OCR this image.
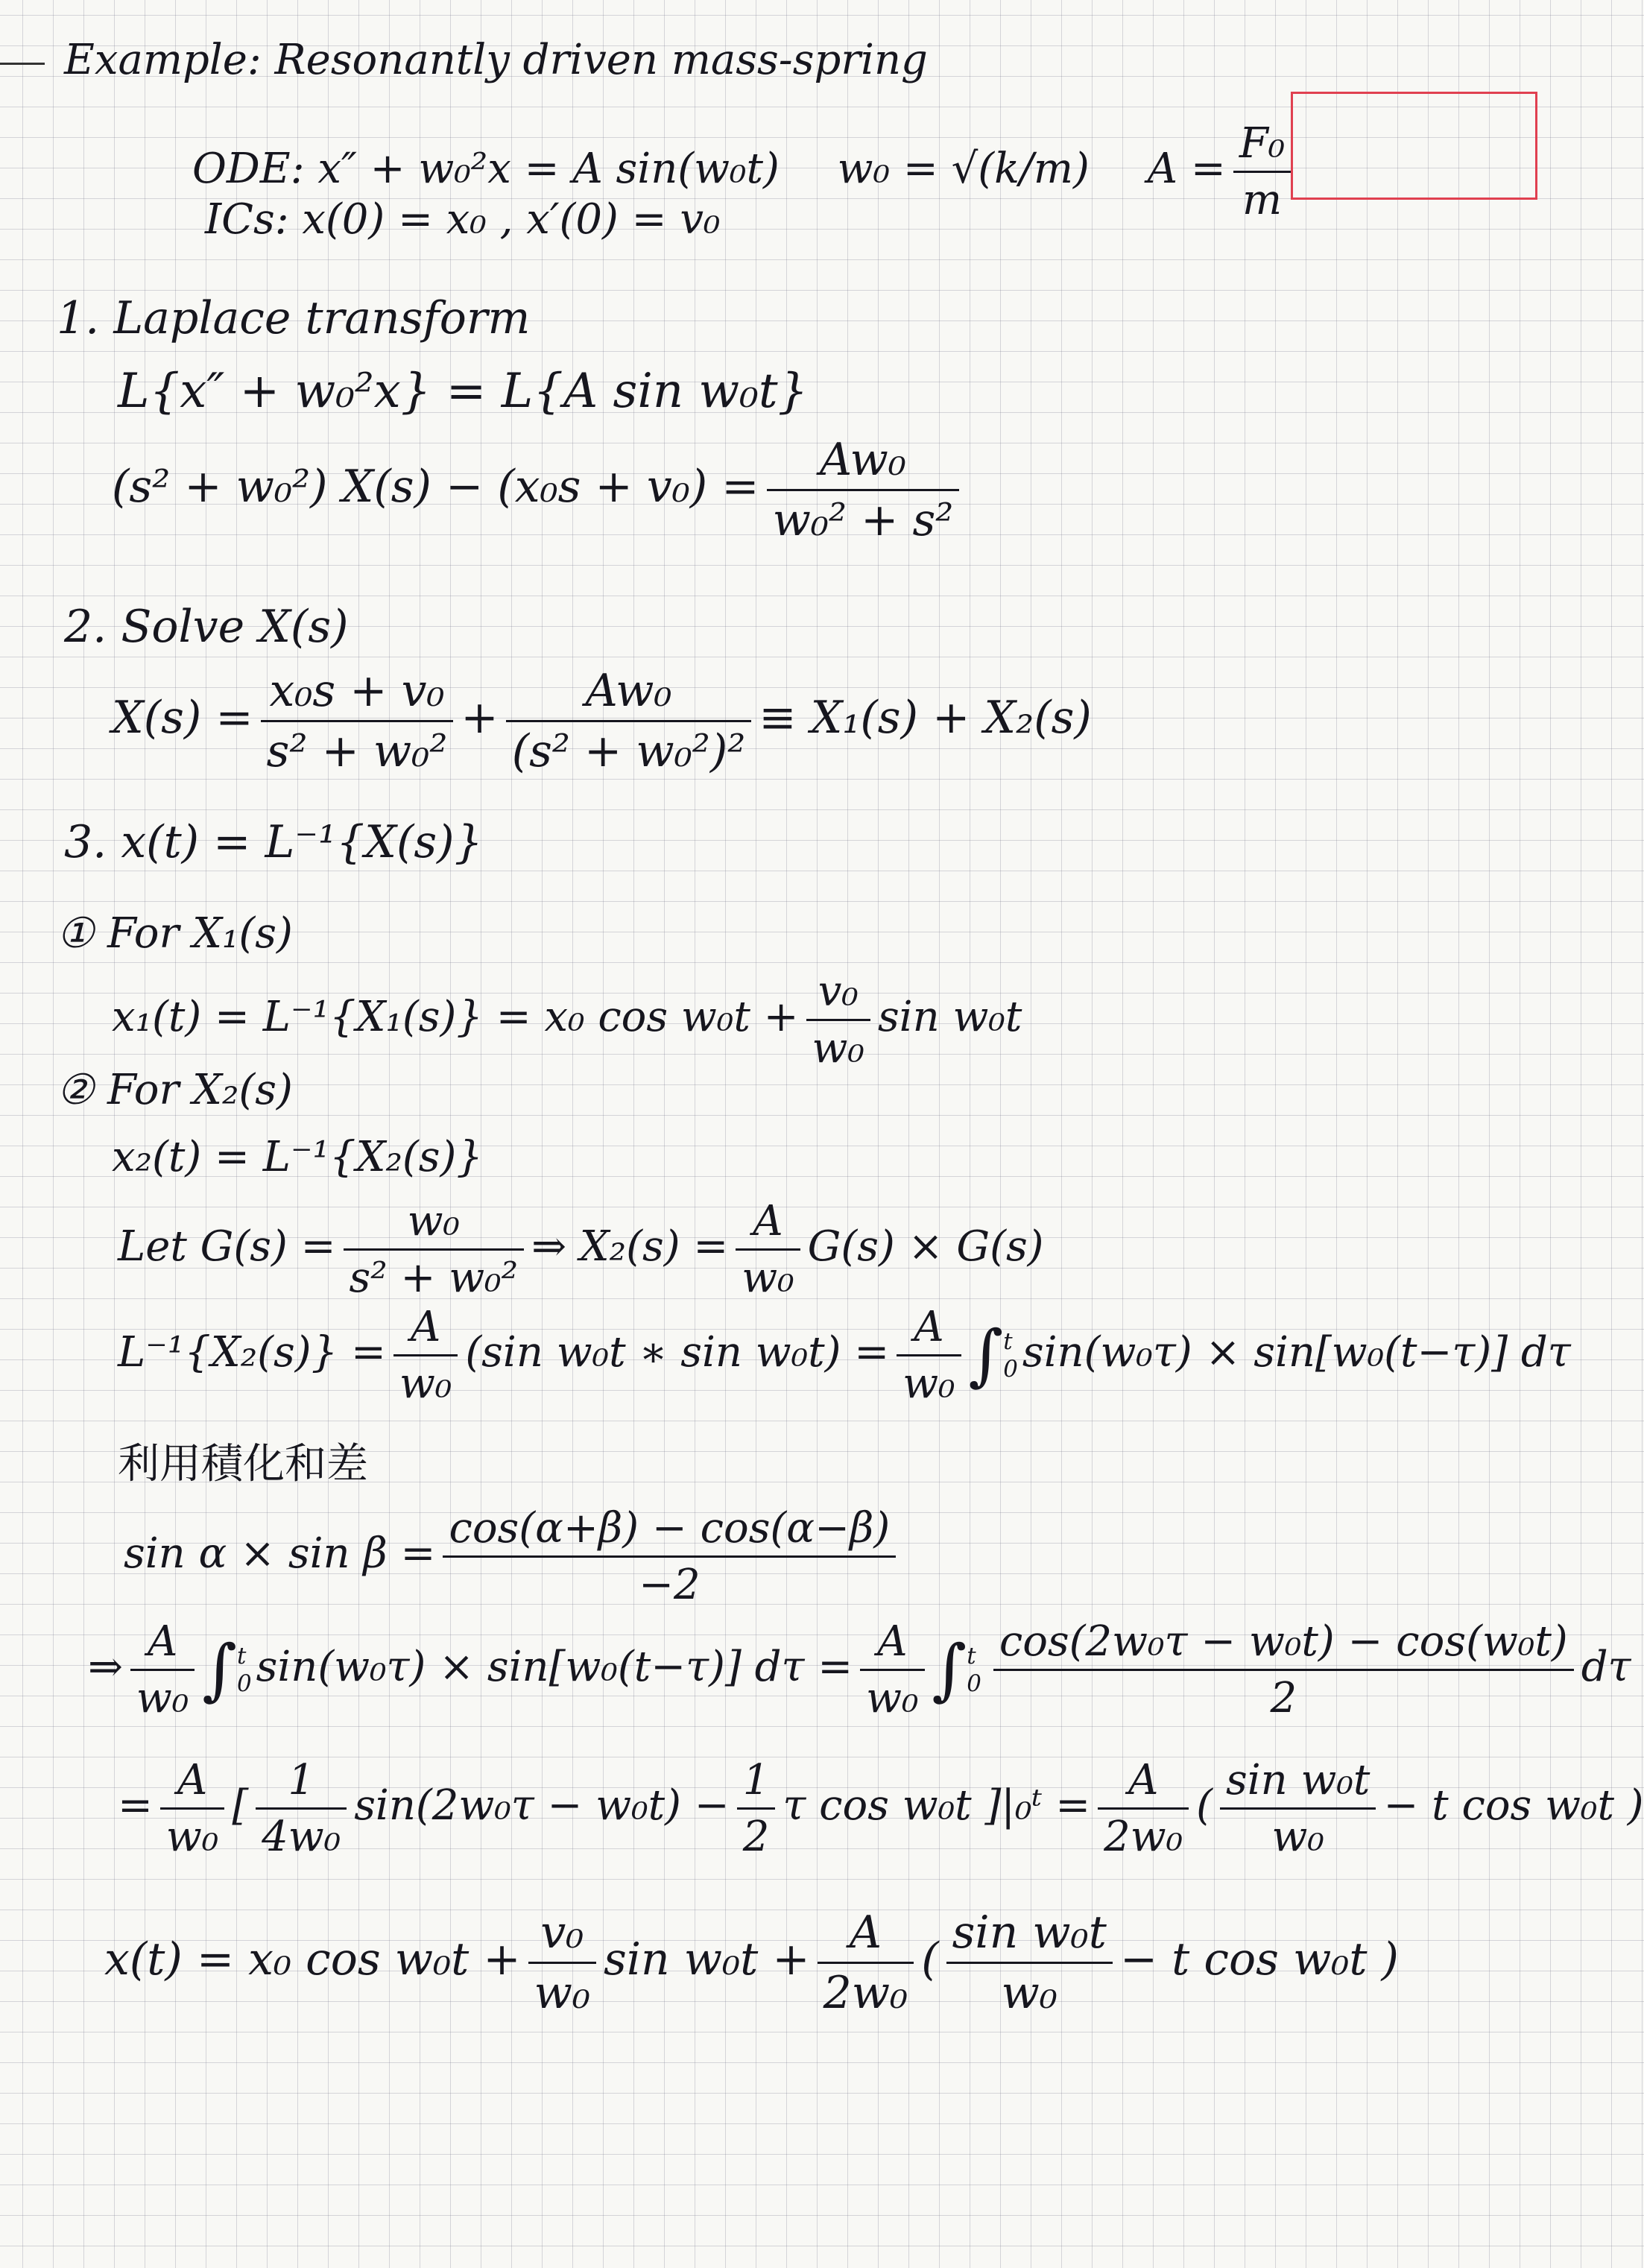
Example: Resonantly driven mass-spring
ODE: x″ + w₀²x = A sin(w₀t) w₀ = √(k/m) $A = \frac{\text{F₀}}{m}$
ICs: x(0) = x₀ , x′(0) = v₀
1. Laplace transform
L{x″ + w₀²x} = L{A sin w₀t}
(s² + w₀²) $X(s) - (x_0s + v_0) = \frac{\text{Aw₀}}{\text{w₀² + s²}}$
2. Solve X(s)
$X(s) = \frac{\text{x₀s + v₀}}{\text{s² + w₀²}} + \frac{\text{Aw₀}}{\text{(s² + w₀²)²}} \equiv X_1(s) + X_2(s)$
3. x(t) = L⁻¹{X(s)}
① For X₁(s)
x₁(t) = L⁻¹{X₁(s)} = x₀ $\cos w_0t + \frac{\text{v₀}}{\text{w₀}}$ sin w₀t
② For X₂(s)
x₂(t) = L⁻¹{X₂(s)}
Let $G(s) = \frac{\text{w₀}}{\text{s² + w₀²}}$ ⇒ $X_2(s) = \frac{A}{\text{w₀}} G(s) \times G(s)$
$L^{-1}\{X_2(s)\} = \frac{A}{\text{w₀}} (\sin$ w₀t ∗ $\sin w_0t) = \frac{A}{\text{w₀}}$ ∫ t
0 sin(w₀τ) × sin[w₀(t−τ)] dτ
利用積化和差
$\sin \alpha \times \sin \beta = \frac{\cos(\alpha+\beta) - \cos(\alpha-\beta)}{-2}$
⇒ $\frac{A}{\text{w₀}}$ ∫ t
0 sin(w₀τ) × sin[w₀(t−τ)] $d\tau = \frac{A}{\text{w₀}}$ ∫ t
$0 \frac{\text{cos(2w₀τ − w₀t) − cos(w₀t)}}{2}$ dτ
= $\frac{A}{\text{w₀}}$ [ $\frac{1}{\text{4w₀}} \sin(2w_0\tau - w_0t) - \frac{1}{2}$ τ cos w₀t ]|₀ᵗ = $\frac{A}{\text{2w₀}}$ ( $\frac{\text{sin w₀t}}{\text{w₀}} - t$ cos w₀t )
x(t) = x₀ $\cos w_0t + \frac{\text{v₀}}{\text{w₀}}$ $\sin w_0t + \frac{A}{\text{2w₀}}$ ( $\frac{\text{sin w₀t}}{\text{w₀}} - t$ cos w₀t )
